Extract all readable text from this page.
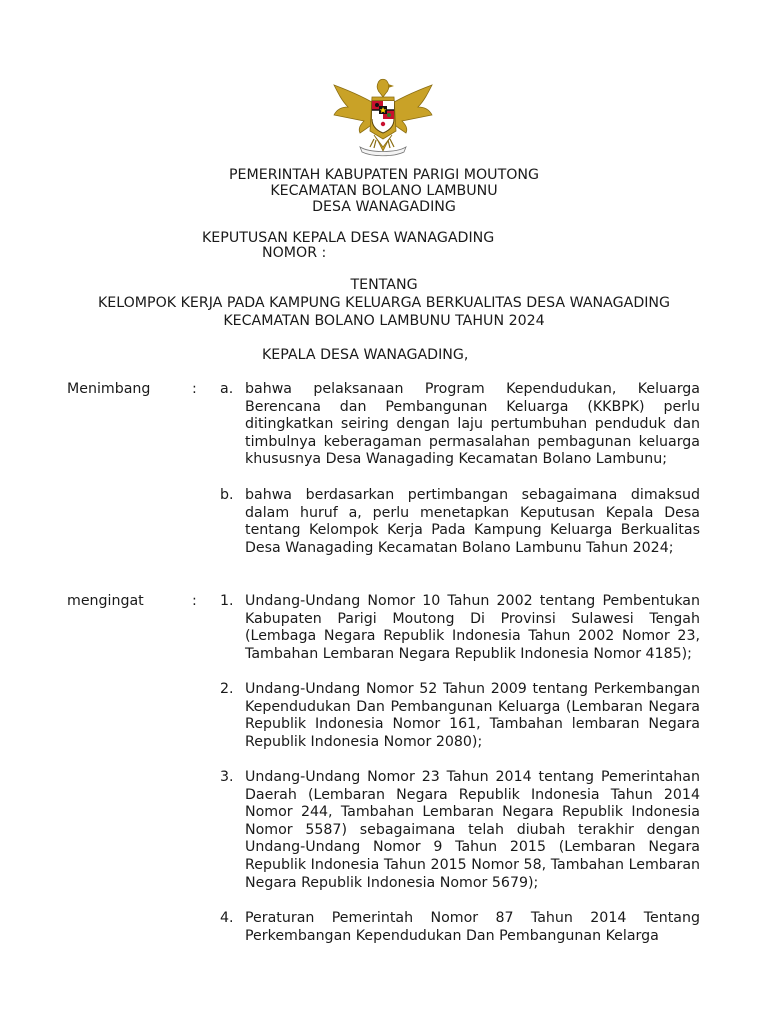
PEMERINTAH KABUPATEN PARIGI MOUTONG
KECAMATAN BOLANO LAMBUNU
DESA WANAGADING
KEPUTUSAN KEPALA DESA WANAGADING
NOMOR :
TENTANG
KELOMPOK KERJA PADA KAMPUNG KELUARGA BERKUALITAS DESA WANAGADING
KECAMATAN BOLANO LAMBUNU TAHUN 2024
KEPALA DESA WANAGADING,
Menimbang	: a. bahwa pelaksanaan Program Kependudukan, Keluarga Berencana dan Pembangunan Keluarga (KKBPK) perlu ditingkatkan seiring dengan laju pertumbuhan penduduk dan timbulnya keberagaman permasalahan pembagunan keluarga khususnya Desa Wanagading Kecamatan Bolano Lambunu;
b. bahwa berdasarkan pertimbangan sebagaimana dimaksud dalam huruf a, perlu menetapkan Keputusan Kepala Desa tentang Kelompok Kerja Pada Kampung Keluarga Berkualitas Desa Wanagading Kecamatan Bolano Lambunu Tahun 2024;
mengingat	: 1. Undang-Undang Nomor 10 Tahun 2002 tentang Pembentukan Kabupaten Parigi Moutong Di Provinsi Sulawesi Tengah (Lembaga Negara Republik Indonesia Tahun 2002 Nomor 23, Tambahan Lembaran Negara Republik Indonesia Nomor 4185);
2. Undang-Undang Nomor 52 Tahun 2009 tentang Perkembangan Kependudukan Dan Pembangunan Keluarga (Lembaran Negara Republik Indonesia Nomor 161, Tambahan lembaran Negara Republik Indonesia Nomor 2080);
3. Undang-Undang Nomor 23 Tahun 2014 tentang Pemerintahan Daerah (Lembaran Negara Republik Indonesia Tahun 2014 Nomor 244, Tambahan Lembaran Negara Republik Indonesia Nomor 5587) sebagaimana telah diubah terakhir dengan Undang-Undang Nomor 9 Tahun 2015 (Lembaran Negara Republik Indonesia Tahun 2015 Nomor 58, Tambahan Lembaran Negara Republik Indonesia Nomor 5679);
4. Peraturan Pemerintah Nomor 87 Tahun 2014 Tentang Perkembangan Kependudukan Dan Pembangunan Kelarga
